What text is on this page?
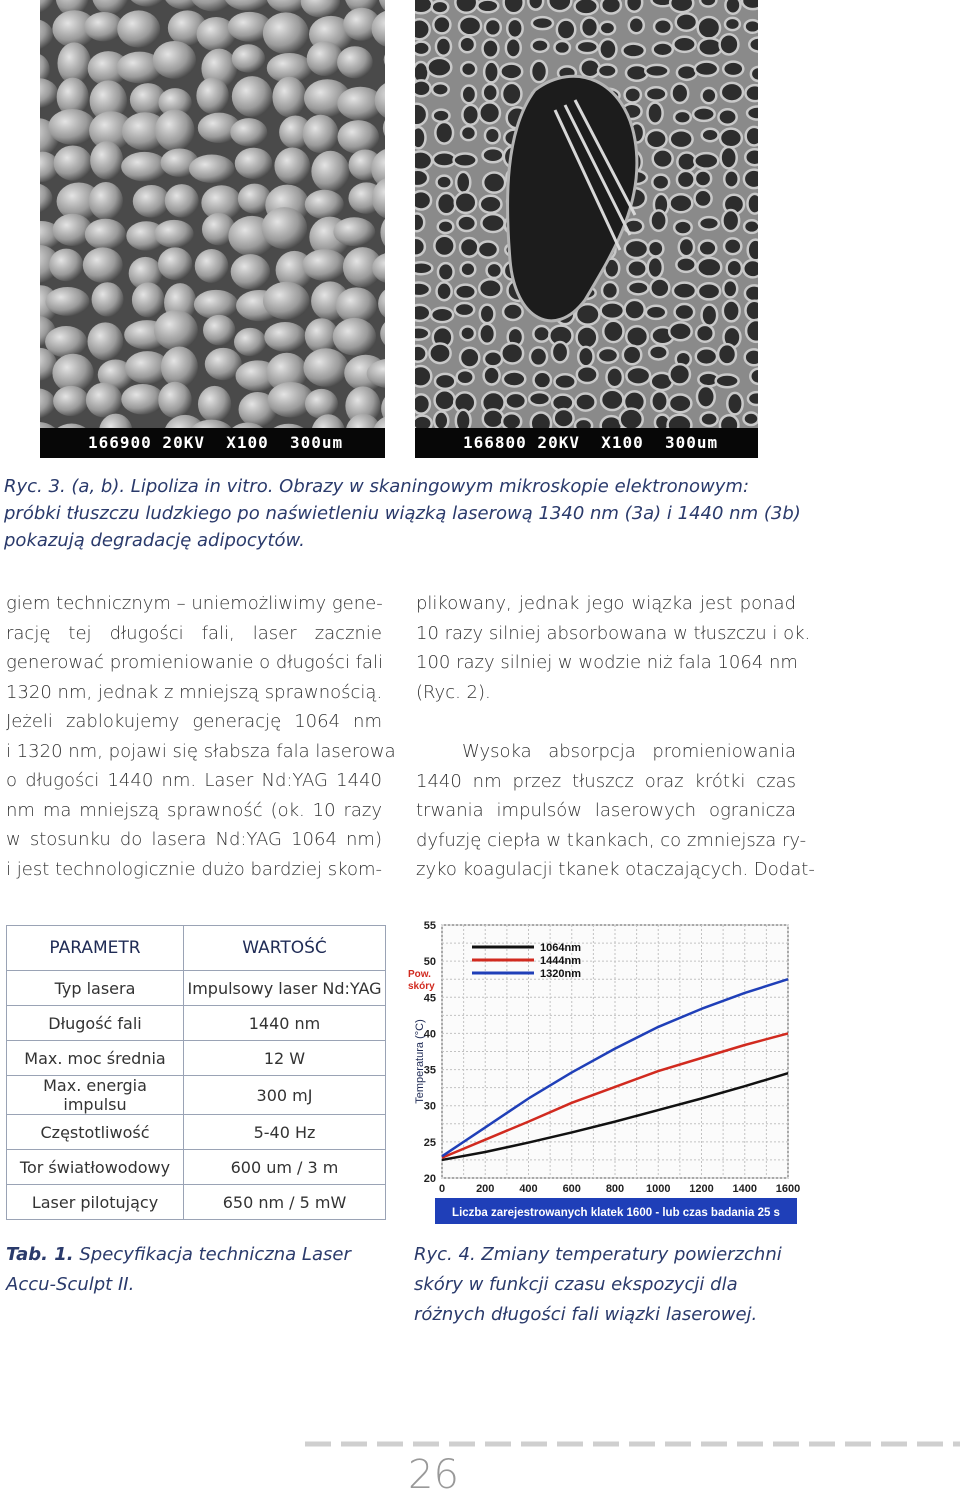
166900 20KV  X100  300um	166800 20KV  X100  300um
Ryc. 3. (a, b). Lipoliza in vitro. Obrazy w skaningowym mikroskopie elektronowym: próbki tłuszczu ludzkiego po naświetleniu wiązką laserową 1340 nm (3a) i 1440 nm (3b) pokazują degradację adipocytów.
giem technicznym – uniemożliwimy gene-
rację tej długości fali, laser zacznie
generować promieniowanie o długości fali
1320 nm, jednak z mniejszą sprawnością.
Jeżeli zablokujemy generację 1064 nm
i 1320 nm, pojawi się słabsza fala laserowa
o długości 1440 nm. Laser Nd:YAG 1440
nm ma mniejszą sprawność (ok. 10 razy
w stosunku do lasera Nd:YAG 1064 nm)
i jest technologicznie dużo bardziej skom-
plikowany, jednak jego wiązka jest ponad
10 razy silniej absorbowana w tłuszczu i ok.
100 razy silniej w wodzie niż fala 1064 nm
(Ryc. 2).
Wysoka absorpcja promieniowania
1440 nm przez tłuszcz oraz krótki czas
trwania impulsów laserowych ogranicza
dyfuzję ciepła w tkankach, co zmniejsza ry-
zyko koagulacji tkanek otaczających. Dodat-
PARAMETR	WARTOŚĆ
Typ lasera	Impulsowy laser Nd:YAG
Długość fali	1440 nm
Max. moc średnia	12 W
Max. energia impulsu	300 mJ
Częstotliwość	5-40 Hz
Tor światłowodowy	600 um / 3 m
Laser pilotujący	650 nm / 5 mW
Tab. 1. Specyfikacja techniczna Laser Accu-Sculpt II.
20
25
30
35
40
45
50
55
0	200 400 600 800 1000 1200 1400 1600
Temperatura (°C)
Pow.
skóry
1064nm
1444nm
1320nm
Liczba zarejestrowanych klatek 1600 - lub czas badania 25 s
Ryc. 4. Zmiany temperatury powierzchni skóry w funkcji czasu ekspozycji dla różnych długości fali wiązki laserowej.
26
